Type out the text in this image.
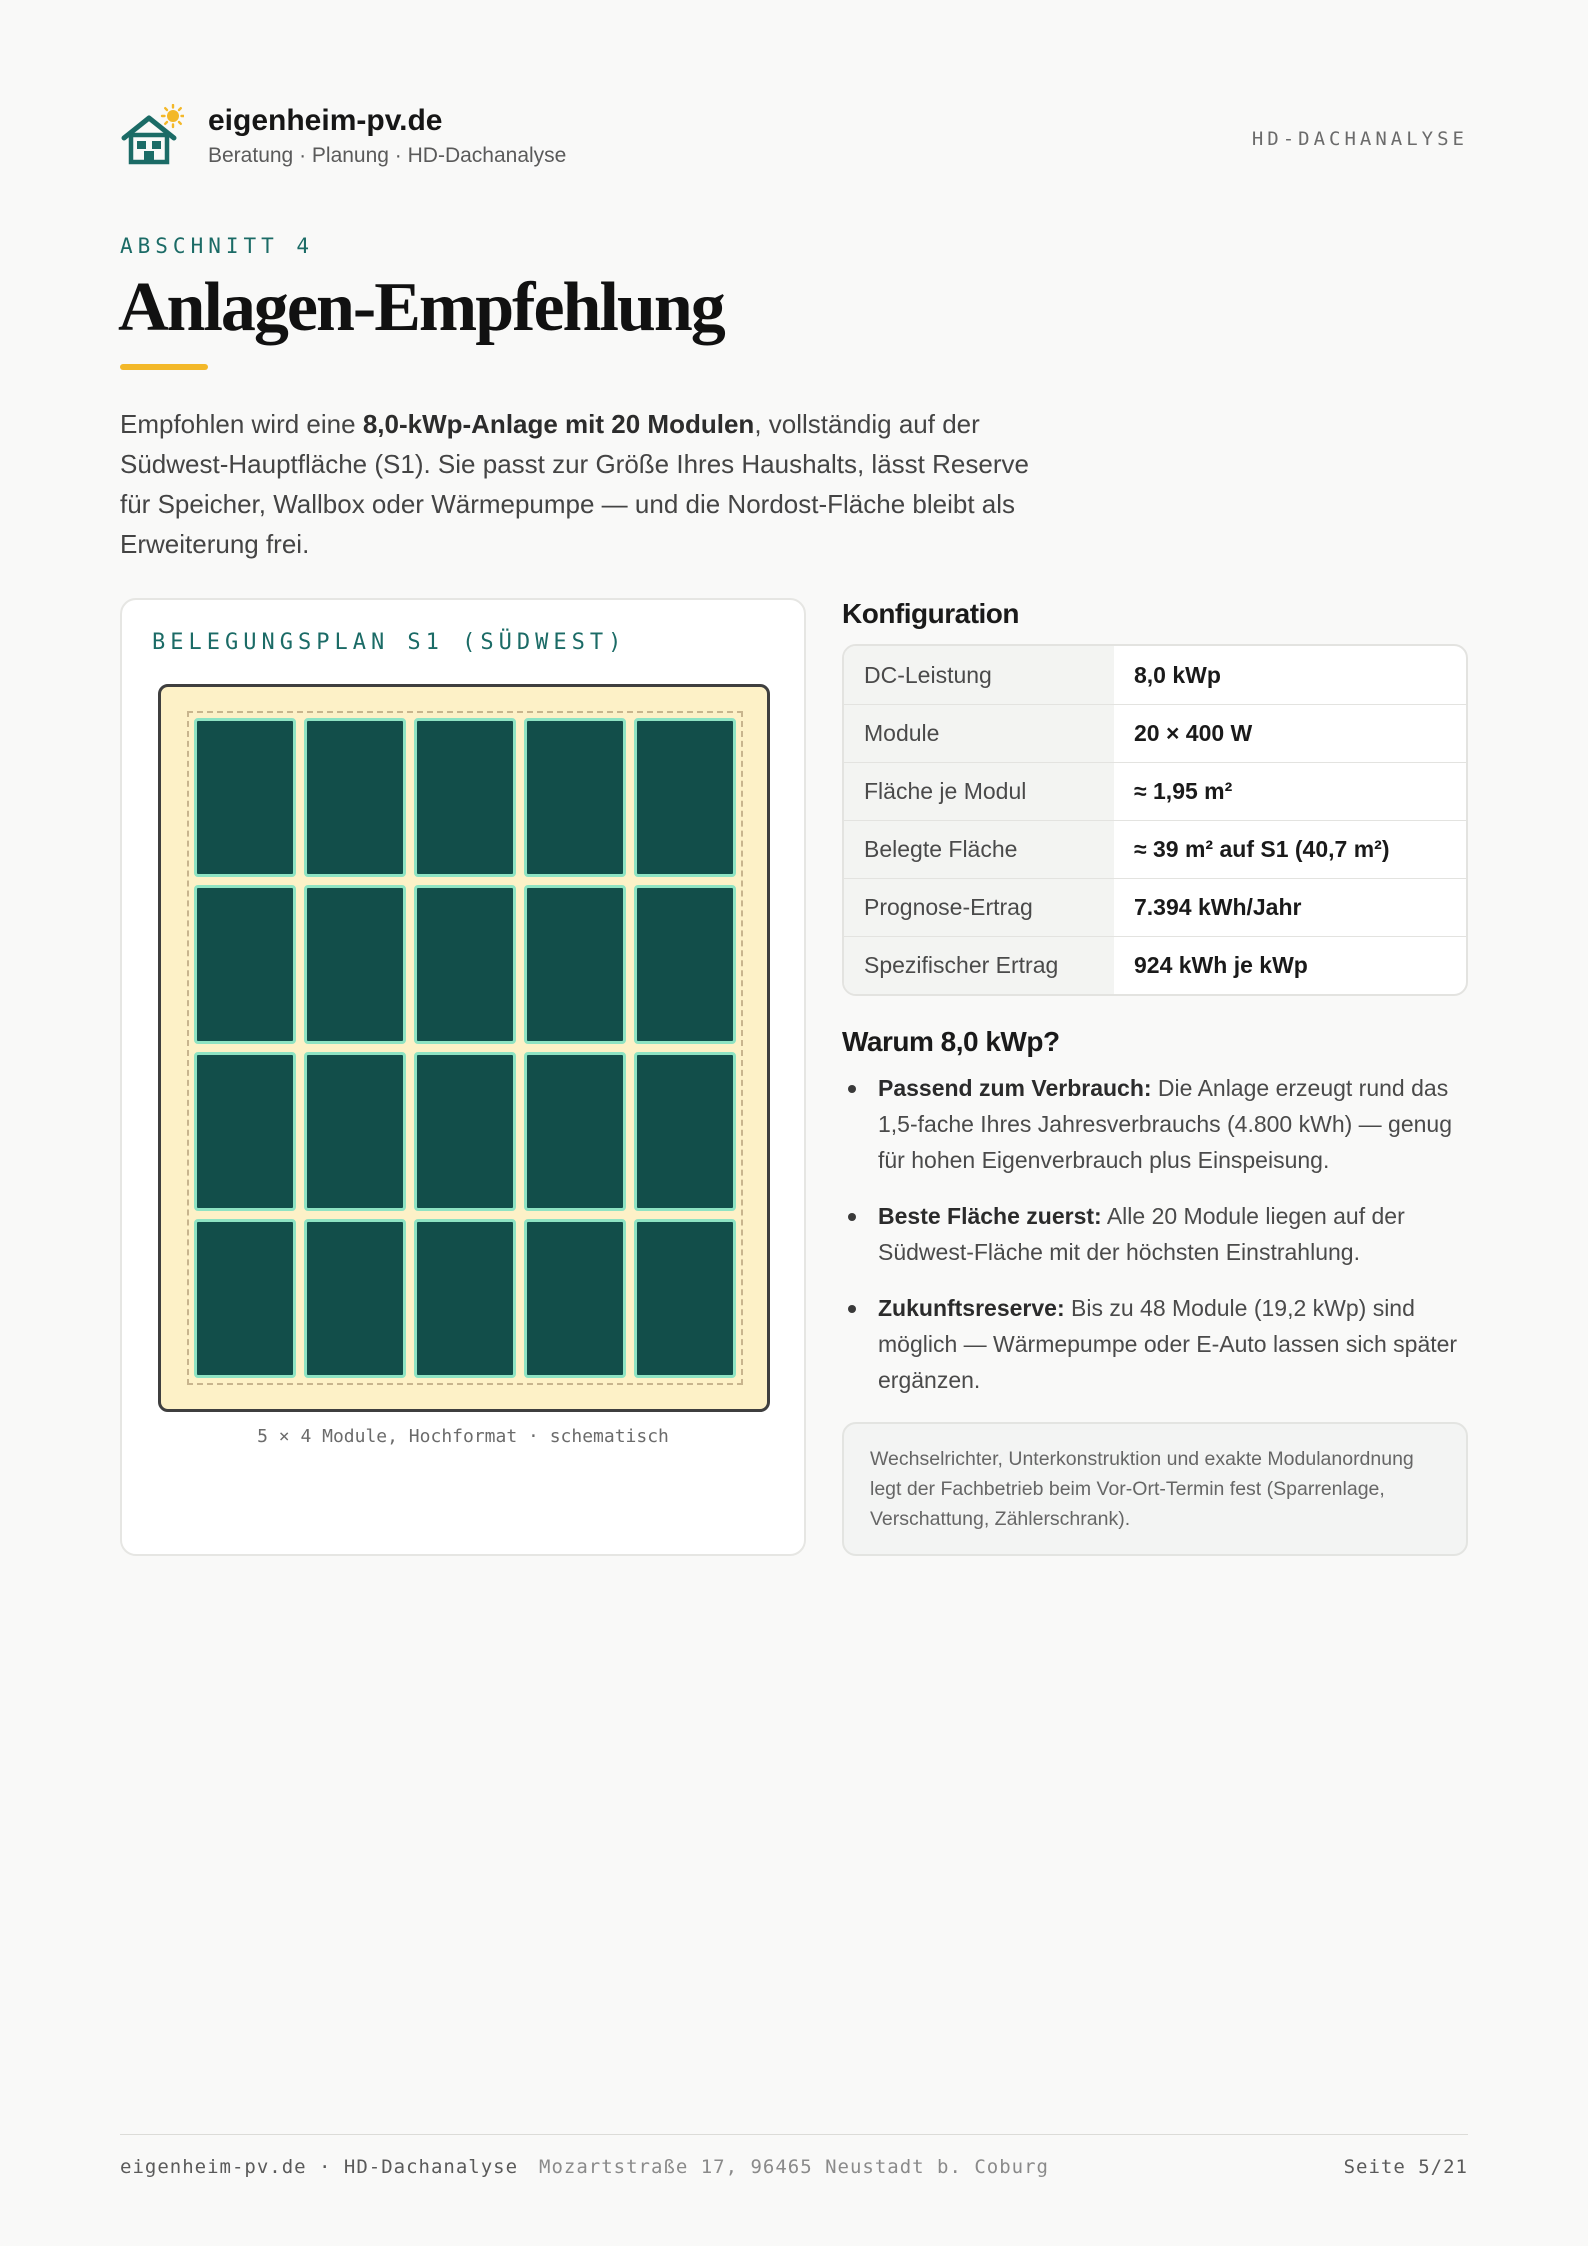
eigenheim-pv.de
Beratung · Planung · HD-Dachanalyse
HD-DACHANALYSE
ABSCHNITT 4
Anlagen-Empfehlung

Empfohlen wird eine 8,0-kWp-Anlage mit 20 Modulen, vollständig auf der Südwest-Hauptfläche (S1). Sie passt zur Größe Ihres Haushalts, lässt Reserve für Speicher, Wallbox oder Wärmepumpe — und die Nordost-Fläche bleibt als Erweiterung frei.

BELEGUNGSPLAN S1 (SÜDWEST)
5 × 4 Module, Hochformat · schematisch
Konfiguration
DC-Leistung	8,0 kWp
Module	20 × 400 W
Fläche je Modul	≈ 1,95 m²
Belegte Fläche	≈ 39 m² auf S1 (40,7 m²)
Prognose-Ertrag	7.394 kWh/Jahr
Spezifischer Ertrag	924 kWh je kWp
Warum 8,0 kWp?
Passend zum Verbrauch: Die Anlage erzeugt rund das 1,5-fache Ihres Jahresverbrauchs (4.800 kWh) — genug für hohen Eigenverbrauch plus Einspeisung.
Beste Fläche zuerst: Alle 20 Module liegen auf der Südwest-Fläche mit der höchsten Einstrahlung.
Zukunftsreserve: Bis zu 48 Module (19,2 kWp) sind möglich — Wärmepumpe oder E-Auto lassen sich später ergänzen.
Wechselrichter, Unterkonstruktion und exakte Modulanordnung legt der Fachbetrieb beim Vor-Ort-Termin fest (Sparrenlage, Verschattung, Zählerschrank).
eigenheim-pv.de · HD-Dachanalyse	Mozartstraße 17, 96465 Neustadt b. Coburg	Seite 5/21
